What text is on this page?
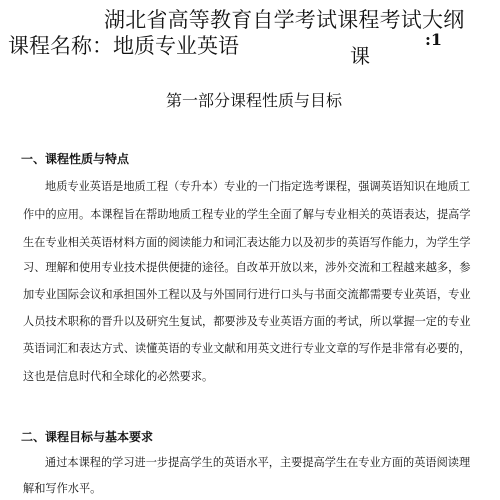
湖北省高等教育自学考试课程考试大纲
课程名称：地质专业英语	课
:1
第一部分课程性质与目标
一、课程性质与特点
地质专业英语是地质工程（专升本）专业的一门指定选考课程，强调英语知识在地质工
作中的应用。本课程旨在帮助地质工程专业的学生全面了解与专业相关的英语表达，提高学
生在专业相关英语材料方面的阅读能力和词汇表达能力以及初步的英语写作能力，为学生学
习、理解和使用专业技术提供便捷的途径。自改革开放以来，涉外交流和工程越来越多，参
加专业国际会议和承担国外工程以及与外国同行进行口头与书面交流都需要专业英语，专业
人员技术职称的晋升以及研究生复试，都要涉及专业英语方面的考试，所以掌握一定的专业
英语词汇和表达方式、读懂英语的专业文献和用英文进行专业文章的写作是非常有必要的，
这也是信息时代和全球化的必然要求。
二、课程目标与基本要求
通过本课程的学习进一步提高学生的英语水平，主要提高学生在专业方面的英语阅读理
解和写作水平。
